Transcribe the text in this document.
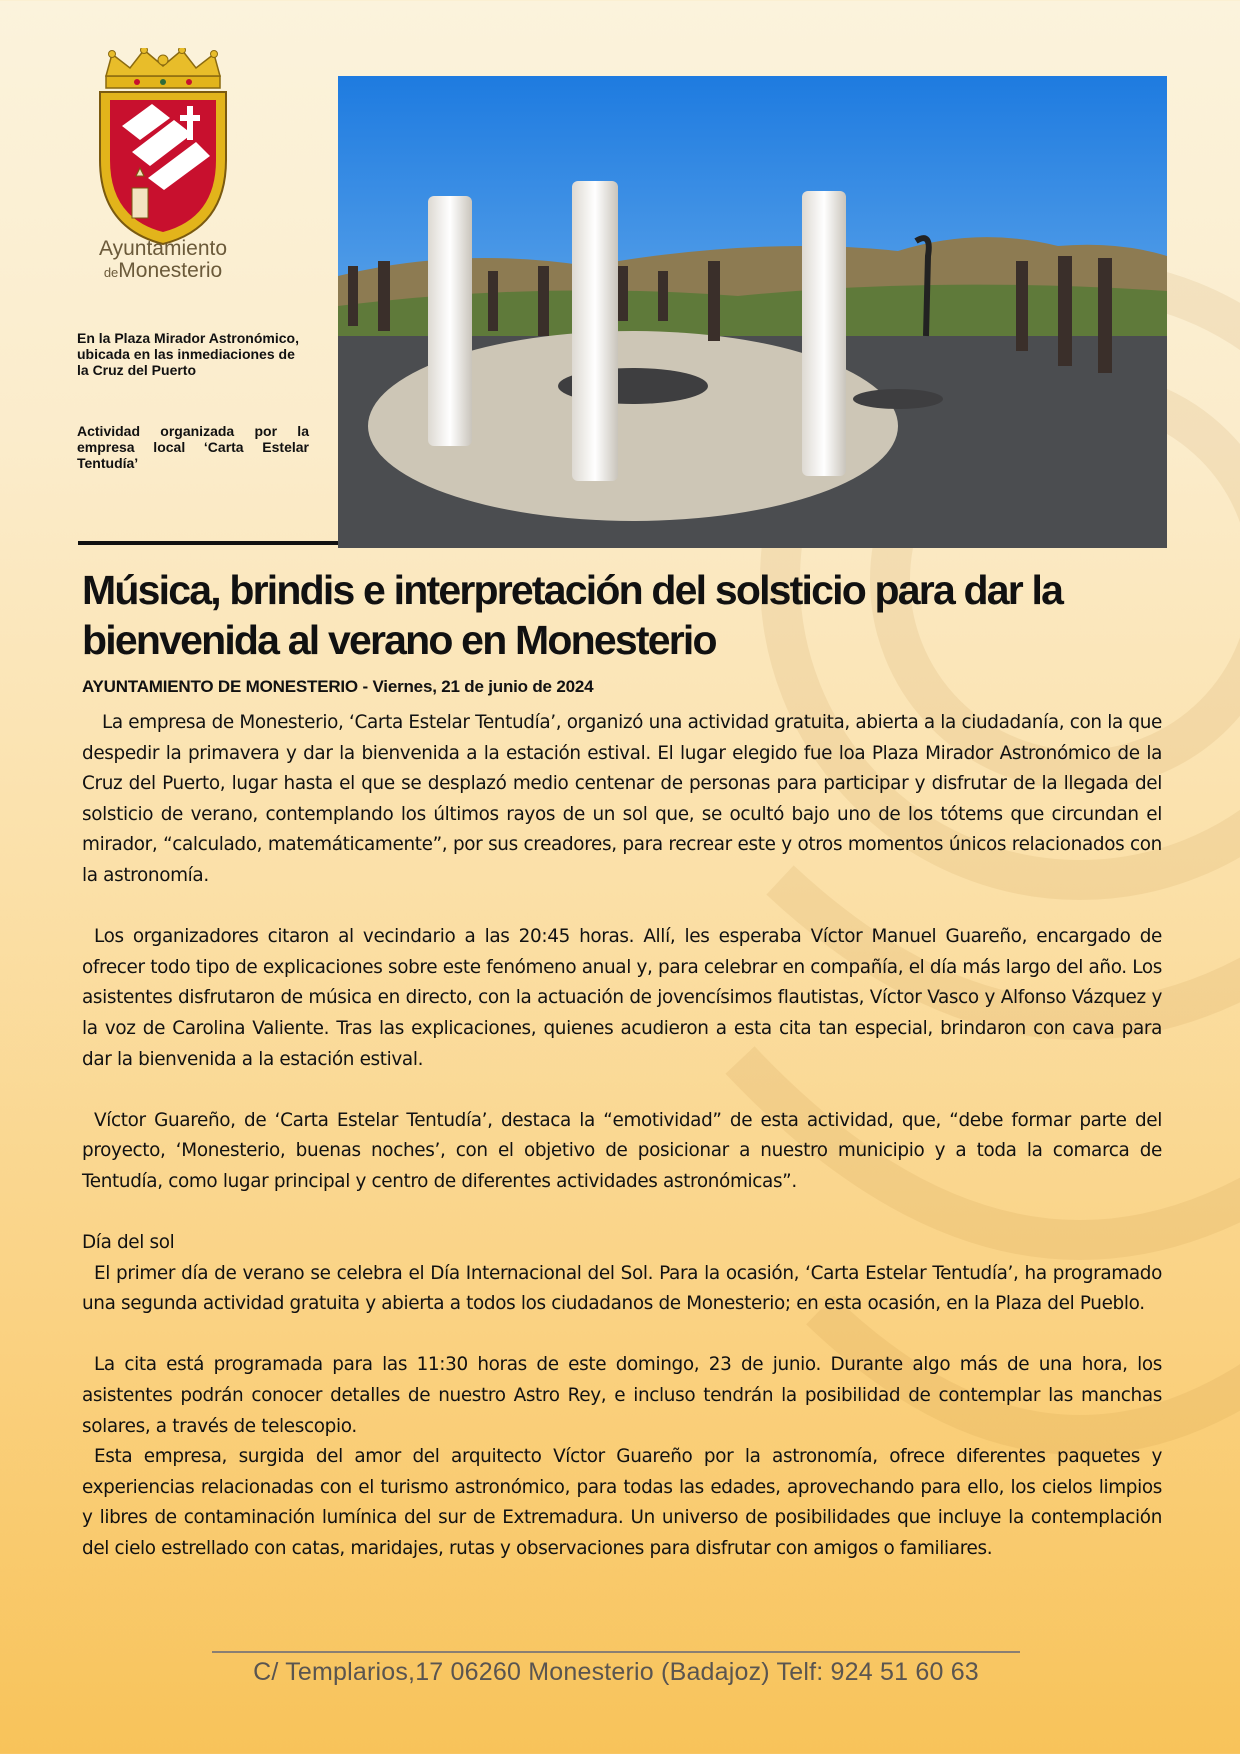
Ayuntamiento
deMonesterio
En la Plaza Mirador Astronómico, ubicada en las inmediaciones de la Cruz del Puerto
Actividad organizada por la empresa local ‘Carta Estelar Tentudía’
Música, brindis e interpretación del solsticio para dar la bienvenida al verano en Monesterio
AYUNTAMIENTO DE MONESTERIO - Viernes, 21 de junio de 2024

La empresa de Monesterio, ‘Carta Estelar Tentudía’, organizó una actividad gratuita, abierta a la ciudadanía, con la que despedir la primavera y dar la bienvenida a la estación estival. El lugar elegido fue loa Plaza Mirador Astronómico de la Cruz del Puerto, lugar hasta el que se desplazó medio centenar de personas para participar y disfrutar de la llegada del solsticio de verano, contemplando los últimos rayos de un sol que, se ocultó bajo uno de los tótems que circundan el mirador, “calculado, matemáticamente”, por sus creadores, para recrear este y otros momentos únicos relacionados con la astronomía.

Los organizadores citaron al vecindario a las 20:45 horas. Allí, les esperaba Víctor Manuel Guareño, encargado de ofrecer todo tipo de explicaciones sobre este fenómeno anual y, para celebrar en compañía, el día más largo del año. Los asistentes disfrutaron de música en directo, con la actuación de jovencísimos flautistas, Víctor Vasco y Alfonso Vázquez y la voz de Carolina Valiente. Tras las explicaciones, quienes acudieron a esta cita tan especial, brindaron con cava para dar la bienvenida a la estación estival.

Víctor Guareño, de ‘Carta Estelar Tentudía’, destaca la “emotividad” de esta actividad, que, “debe formar parte del proyecto, ‘Monesterio, buenas noches’, con el objetivo de posicionar a nuestro municipio y a toda la comarca de Tentudía, como lugar principal y centro de diferentes actividades astronómicas”.

Día del sol

El primer día de verano se celebra el Día Internacional del Sol. Para la ocasión, ‘Carta Estelar Tentudía’, ha programado una segunda actividad gratuita y abierta a todos los ciudadanos de Monesterio; en esta ocasión, en la Plaza del Pueblo.

La cita está programada para las 11:30 horas de este domingo, 23 de junio. Durante algo más de una hora, los asistentes podrán conocer detalles de nuestro Astro Rey, e incluso tendrán la posibilidad de contemplar las manchas solares, a través de telescopio.

Esta empresa, surgida del amor del arquitecto Víctor Guareño por la astronomía, ofrece diferentes paquetes y experiencias relacionadas con el turismo astronómico, para todas las edades, aprovechando para ello, los cielos limpios y libres de contaminación lumínica del sur de Extremadura. Un universo de posibilidades que incluye la contemplación del cielo estrellado con catas, maridajes, rutas y observaciones para disfrutar con amigos o familiares.

C/ Templarios,17 06260 Monesterio (Badajoz) Telf: 924 51 60 63
